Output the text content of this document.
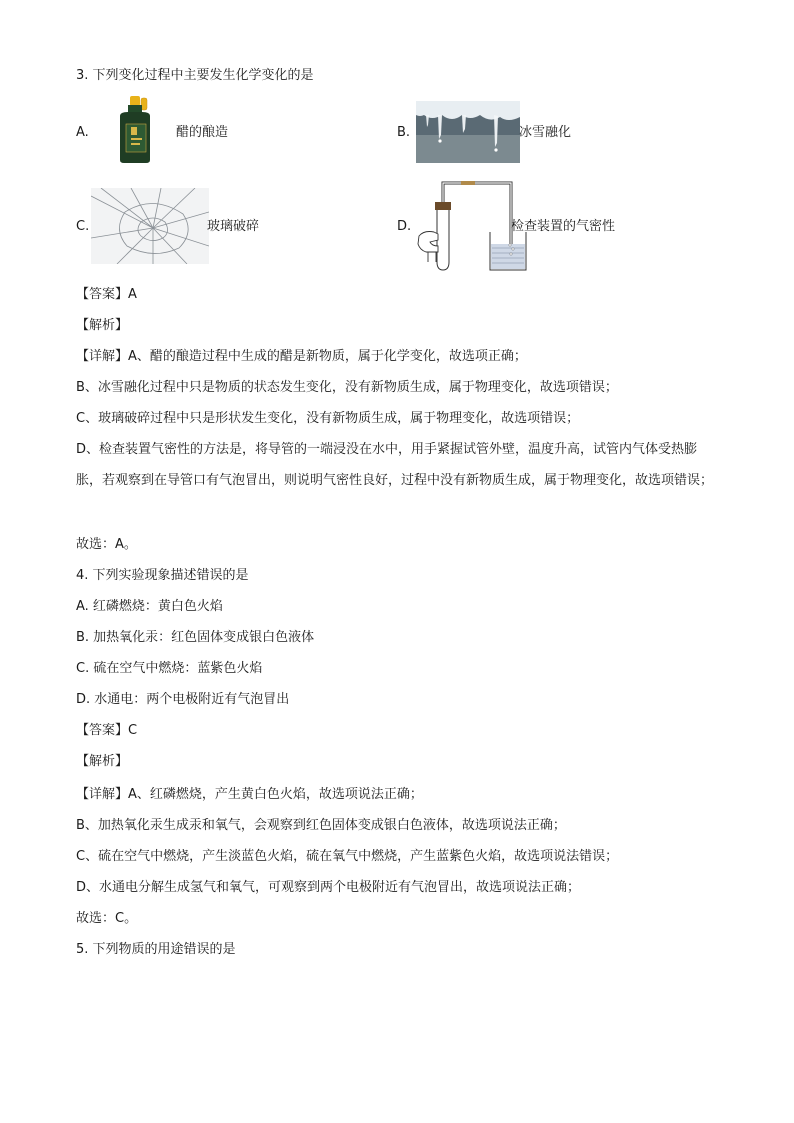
3. 下列变化过程中主要发生化学变化的是
A.	醋的酿造	B.	冰雪融化
C.	玻璃破碎	D.	检查装置的气密性
【答案】A
【解析】
【详解】A、醋的酿造过程中生成的醋是新物质，属于化学变化，故选项正确；
B、冰雪融化过程中只是物质的状态发生变化，没有新物质生成，属于物理变化，故选项错误；
C、玻璃破碎过程中只是形状发生变化，没有新物质生成，属于物理变化，故选项错误；
D、检查装置气密性的方法是，将导管的一端浸没在水中，用手紧握试管外壁，温度升高，试管内气体受热膨胀，若观察到在导管口有气泡冒出，则说明气密性良好，过程中没有新物质生成，属于物理变化，故选项错误；
故选：A。
4. 下列实验现象描述错误的是
A. 红磷燃烧：黄白色火焰
B. 加热氧化汞：红色固体变成银白色液体
C. 硫在空气中燃烧：蓝紫色火焰
D. 水通电：两个电极附近有气泡冒出
【答案】C
【解析】
【详解】A、红磷燃烧，产生黄白色火焰，故选项说法正确；
B、加热氧化汞生成汞和氧气，会观察到红色固体变成银白色液体，故选项说法正确；
C、硫在空气中燃烧，产生淡蓝色火焰，硫在氧气中燃烧，产生蓝紫色火焰，故选项说法错误；
D、水通电分解生成氢气和氧气，可观察到两个电极附近有气泡冒出，故选项说法正确；
故选：C。
5. 下列物质的用途错误的是
